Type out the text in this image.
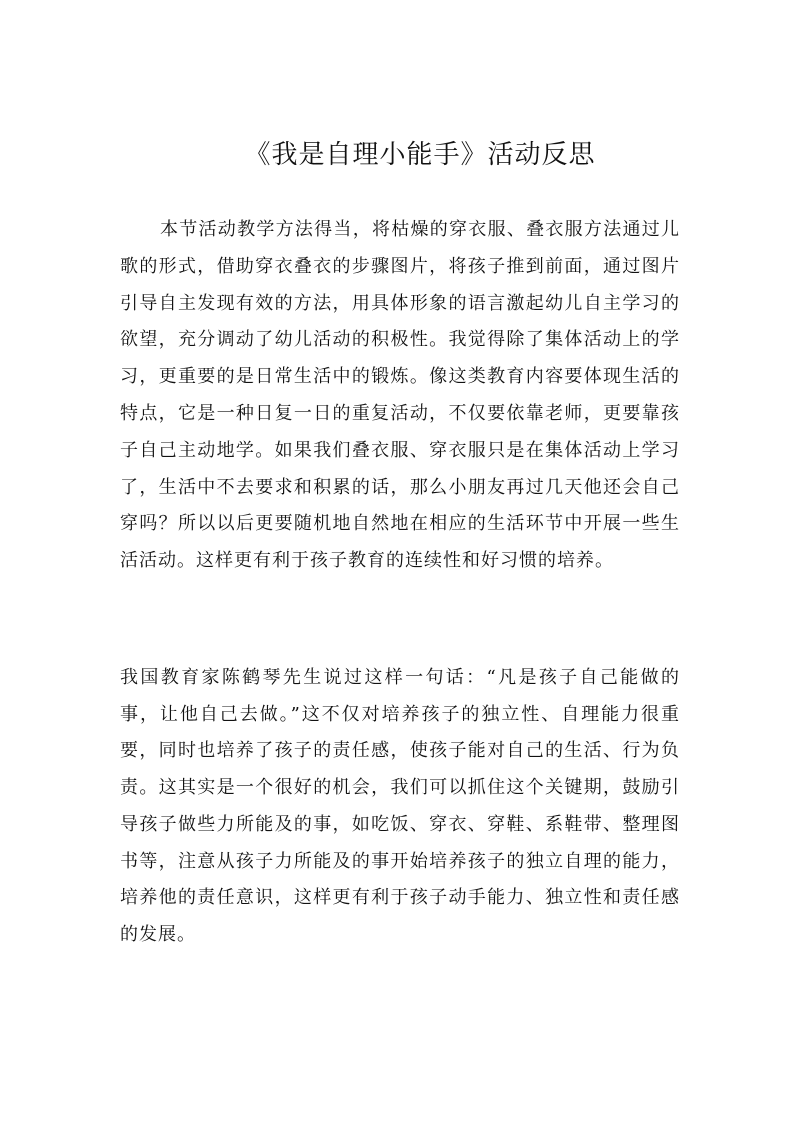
《我是自理小能手》活动反思

本节活动教学方法得当，将枯燥的穿衣服、叠衣服方法通过儿歌的形式，借助穿衣叠衣的步骤图片，将孩子推到前面，通过图片引导自主发现有效的方法，用具体形象的语言激起幼儿自主学习的欲望，充分调动了幼儿活动的积极性。我觉得除了集体活动上的学习，更重要的是日常生活中的锻炼。像这类教育内容要体现生活的特点，它是一种日复一日的重复活动，不仅要依靠老师，更要靠孩子自己主动地学。如果我们叠衣服、穿衣服只是在集体活动上学习了，生活中不去要求和积累的话，那么小朋友再过几天他还会自己穿吗？所以以后更要随机地自然地在相应的生活环节中开展一些生活活动。这样更有利于孩子教育的连续性和好习惯的培养。

我国教育家陈鹤琴先生说过这样一句话：“凡是孩子自己能做的事，让他自己去做。”这不仅对培养孩子的独立性、自理能力很重要，同时也培养了孩子的责任感，使孩子能对自己的生活、行为负责。这其实是一个很好的机会，我们可以抓住这个关键期，鼓励引导孩子做些力所能及的事，如吃饭、穿衣、穿鞋、系鞋带、整理图书等，注意从孩子力所能及的事开始培养孩子的独立自理的能力，培养他的责任意识，这样更有利于孩子动手能力、独立性和责任感的发展。
